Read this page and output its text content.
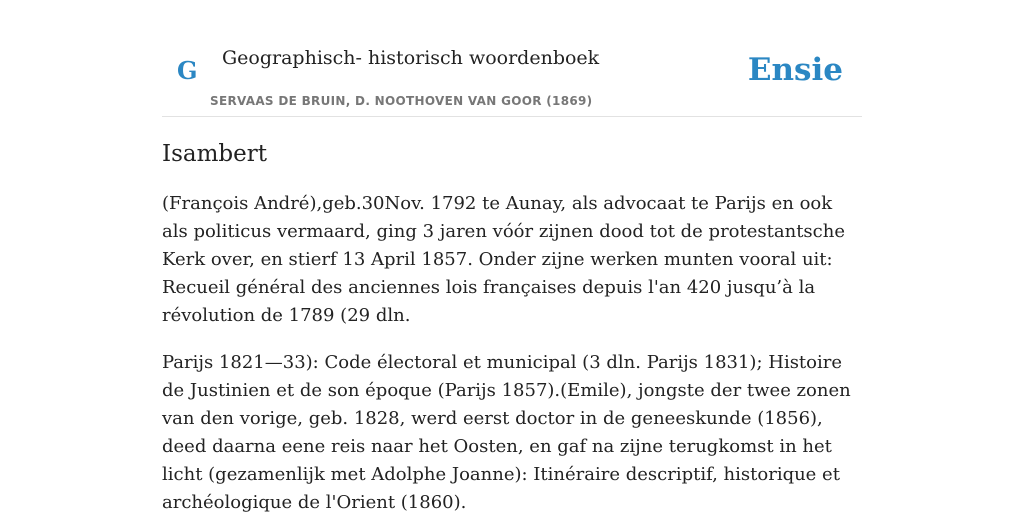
G Geographisch- historisch woordenboek
SERVAAS DE BRUIN, D. NOOTHOVEN VAN GOOR (1869)
Ensie
Isambert

(François André),geb.30Nov. 1792 te Aunay, als advocaat te Parijs en ook als politicus vermaard, ging 3 jaren vóór zijnen dood tot de protestantsche Kerk over, en stierf 13 April 1857. Onder zijne werken munten vooral uit: Recueil général des anciennes lois françaises depuis l'an 420 jusqu’à la révolution de 1789 (29 dln.

Parijs 1821—33): Code électoral et municipal (3 dln. Parijs 1831); Histoire de Justinien et de son époque (Parijs 1857).(Emile), jongste der twee zonen van den vorige, geb. 1828, werd eerst doctor in de geneeskunde (1856), deed daarna eene reis naar het Oosten, en gaf na zijne terugkomst in het licht (gezamenlijk met Adolphe Joanne): Itinéraire descriptif, historique et archéologique de l'Orient (1860).
